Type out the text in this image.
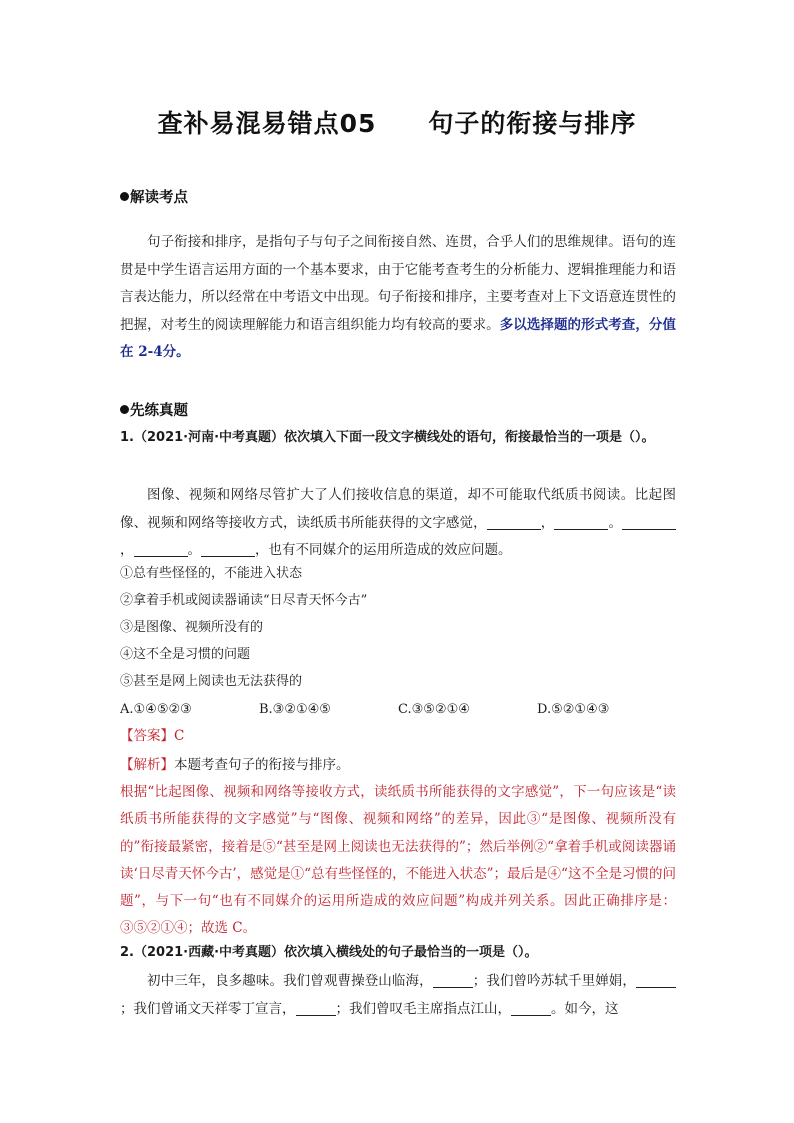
查补易混易错点05　　句子的衔接与排序
解读考点

句子衔接和排序，是指句子与句子之间衔接自然、连贯，合乎人们的思维规律。语句的连贯是中学生语言运用方面的一个基本要求，由于它能考查考生的分析能力、逻辑推理能力和语言表达能力，所以经常在中考语文中出现。句子衔接和排序，主要考查对上下文语意连贯性的把握，对考生的阅读理解能力和语言组织能力均有较高的要求。多以选择题的形式考查，分值在 2-4分。

先练真题

1.（2021·河南·中考真题）依次填入下面一段文字横线处的语句，衔接最恰当的一项是（）。

图像、视频和网络尽管扩大了人们接收信息的渠道，却不可能取代纸质书阅读。比起图像、视频和网络等接收方式，读纸质书所能获得的文字感觉，	，	。，	。	，也有不同媒介的运用所造成的效应问题。

①总有些怪怪的，不能进入状态
②拿着手机或阅读器诵读“日尽青天怀今古”
③是图像、视频所没有的
④这不全是习惯的问题
⑤甚至是网上阅读也无法获得的
A.①④⑤②③	B.③②①④⑤	C.③⑤②①④	D.⑤②①④③
【答案】C

【解析】本题考查句子的衔接与排序。

根据“比起图像、视频和网络等接收方式，读纸质书所能获得的文字感觉”，下一句应该是“读纸质书所能获得的文字感觉”与“图像、视频和网络”的差异，因此③“是图像、视频所没有的”衔接最紧密，接着是⑤“甚至是网上阅读也无法获得的”；然后举例②“拿着手机或阅读器诵读‘日尽青天怀今古’，感觉是①“总有些怪怪的，不能进入状态”；最后是④“这不全是习惯的问题”，与下一句“也有不同媒介的运用所造成的效应问题”构成并列关系。因此正确排序是：③⑤②①④；故选 C。

2.（2021·西藏·中考真题）依次填入横线处的句子最恰当的一项是（）。

初中三年，良多趣味。我们曾观曹操登山临海，	；我们曾吟苏轼千里婵娟，；我们曾诵文天祥零丁宣言，	；我们曾叹毛主席指点江山，	。如今，这
